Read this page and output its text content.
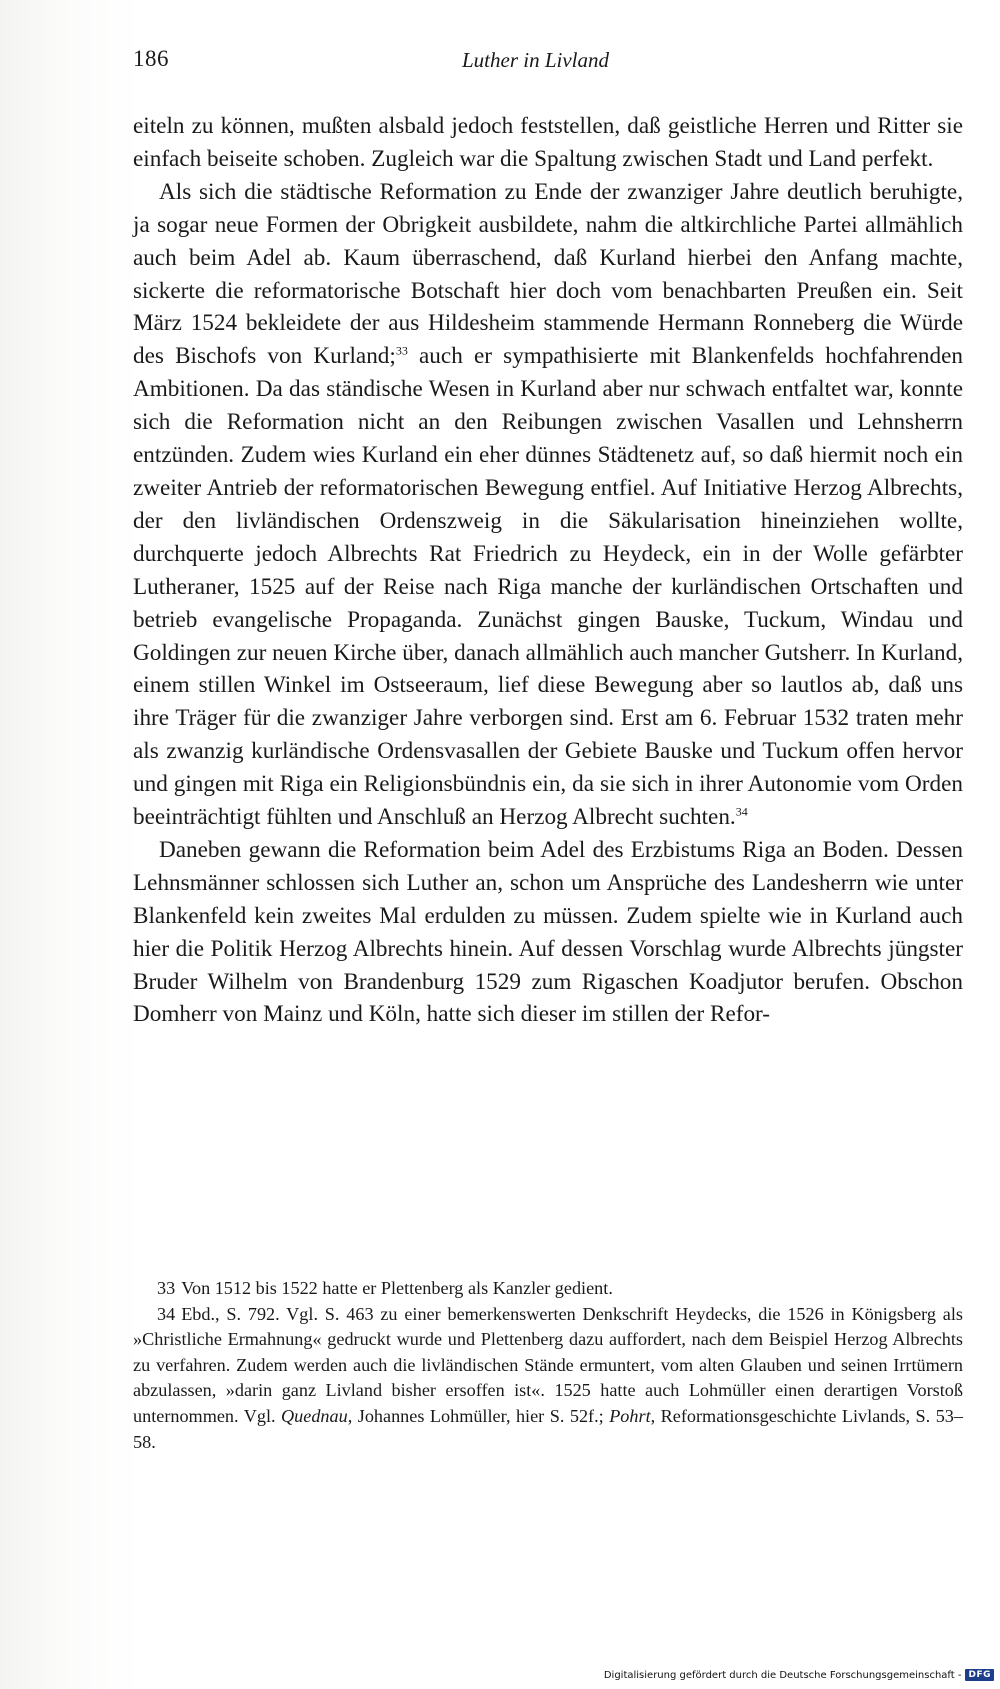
186	Luther in Livland

eiteln zu können, mußten alsbald jedoch feststellen, daß geistliche Herren und Ritter sie einfach beiseite schoben. Zugleich war die Spaltung zwischen Stadt und Land perfekt.

Als sich die städtische Reformation zu Ende der zwanziger Jahre deutlich beruhigte, ja sogar neue Formen der Obrigkeit ausbildete, nahm die altkirchliche Partei allmählich auch beim Adel ab. Kaum überraschend, daß Kurland hierbei den Anfang machte, sickerte die reformatorische Botschaft hier doch vom benachbarten Preußen ein. Seit März 1524 bekleidete der aus Hildesheim stammende Hermann Ronneberg die Würde des Bischofs von Kurland;$^{33}$ auch er sympathisierte mit Blankenfelds hochfahrenden Ambitionen. Da das ständische Wesen in Kurland aber nur schwach entfaltet war, konnte sich die Reformation nicht an den Reibungen zwischen Vasallen und Lehnsherrn entzünden. Zudem wies Kurland ein eher dünnes Städtenetz auf, so daß hiermit noch ein zweiter Antrieb der reformatorischen Bewegung entfiel. Auf Initiative Herzog Albrechts, der den livländischen Ordenszweig in die Säkularisation hineinziehen wollte, durchquerte jedoch Albrechts Rat Friedrich zu Heydeck, ein in der Wolle gefärbter Lutheraner, 1525 auf der Reise nach Riga manche der kurländischen Ortschaften und betrieb evangelische Propaganda. Zunächst gingen Bauske, Tuckum, Windau und Goldingen zur neuen Kirche über, danach allmählich auch mancher Gutsherr. In Kurland, einem stillen Winkel im Ostseeraum, lief diese Bewegung aber so lautlos ab, daß uns ihre Träger für die zwanziger Jahre verborgen sind. Erst am 6. Februar 1532 traten mehr als zwanzig kurländische Ordensvasallen der Gebiete Bauske und Tuckum offen hervor und gingen mit Riga ein Religionsbündnis ein, da sie sich in ihrer Autonomie vom Orden beeinträchtigt fühlten und Anschluß an Herzog Albrecht suchten.$^{34}$

Daneben gewann die Reformation beim Adel des Erzbistums Riga an Boden. Dessen Lehnsmänner schlossen sich Luther an, schon um Ansprüche des Landesherrn wie unter Blankenfeld kein zweites Mal erdulden zu müssen. Zudem spielte wie in Kurland auch hier die Politik Herzog Albrechts hinein. Auf dessen Vorschlag wurde Albrechts jüngster Bruder Wilhelm von Brandenburg 1529 zum Rigaschen Koadjutor berufen. Obschon Domherr von Mainz und Köln, hatte sich dieser im stillen der Refor-

33 Von 1512 bis 1522 hatte er Plettenberg als Kanzler gedient.

34 Ebd., S. 792. Vgl. S. 463 zu einer bemerkenswerten Denkschrift Heydecks, die 1526 in Königsberg als »Christliche Ermahnung« gedruckt wurde und Plettenberg dazu auffordert, nach dem Beispiel Herzog Albrechts zu verfahren. Zudem werden auch die livländischen Stände ermuntert, vom alten Glauben und seinen Irrtümern abzulassen, »darin ganz Livland bisher ersoffen ist«. 1525 hatte auch Lohmüller einen derartigen Vorstoß unternommen. Vgl. Quednau, Johannes Lohmüller, hier S. 52f.; Pohrt, Reformationsgeschichte Livlands, S. 53–58.

Digitalisierung gefördert durch die Deutsche Forschungsgemeinschaft - DFG
